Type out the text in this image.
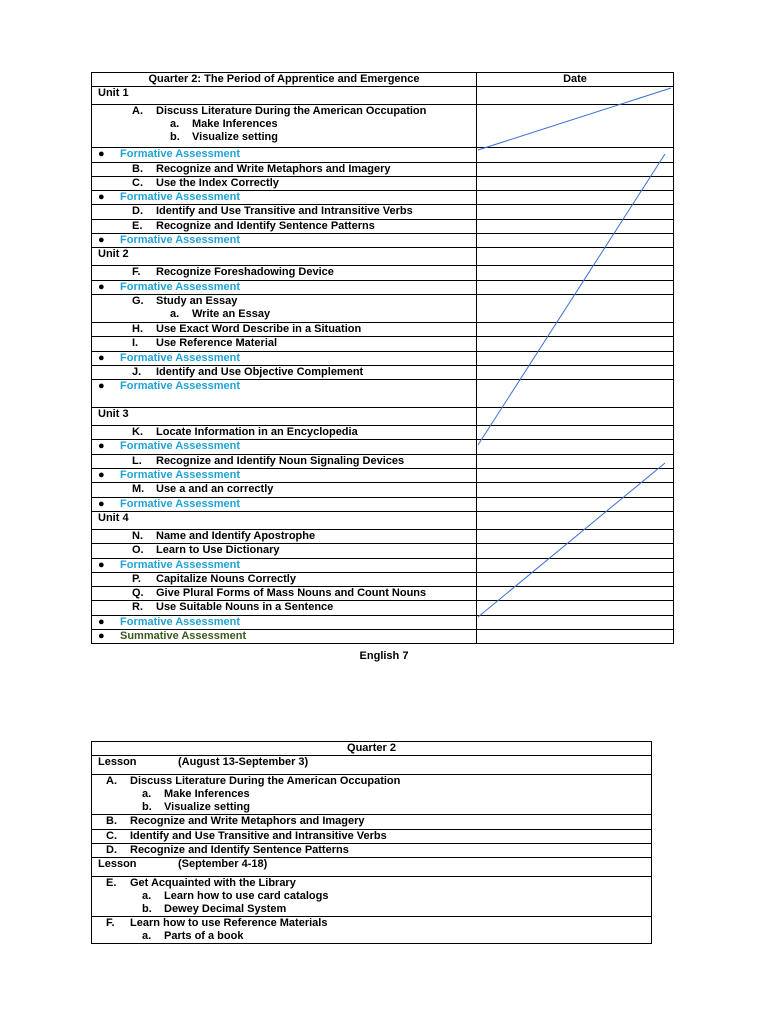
Quarter 2: The Period of Apprentice and Emergence	Date
Unit 1	

A. Discuss Literature During the American Occupation
a. Make Inferences
b. Visualize setting	

● Formative Assessment	

B. Recognize and Write Metaphors and Imagery	

C. Use the Index Correctly	

● Formative Assessment	

D. Identify and Use Transitive and Intransitive Verbs	

E. Recognize and Identify Sentence Patterns	

● Formative Assessment	
Unit 2	

F. Recognize Foreshadowing Device	

● Formative Assessment	

G. Study an Essay
a. Write an Essay	

H. Use Exact Word Describe in a Situation	

I. Use Reference Material	

● Formative Assessment	

J. Identify and Use Objective Complement	

● Formative Assessment	
Unit 3	

K. Locate Information in an Encyclopedia	

● Formative Assessment	

L. Recognize and Identify Noun Signaling Devices	

● Formative Assessment	

M. Use a and an correctly	

● Formative Assessment	
Unit 4	

N. Name and Identify Apostrophe	

O. Learn to Use Dictionary	

● Formative Assessment	

P. Capitalize Nouns Correctly	

Q. Give Plural Forms of Mass Nouns and Count Nouns	

R. Use Suitable Nouns in a Sentence	

● Formative Assessment	
● Summative Assessment	
English 7
Quarter 2
Lesson	(August 13-September 3)

A. Discuss Literature During the American Occupation
a. Make Inferences
b. Visualize setting

B. Recognize and Write Metaphors and Imagery

C. Identify and Use Transitive and Intransitive Verbs

D. Recognize and Identify Sentence Patterns

Lesson	(September 4-18)

E. Get Acquainted with the Library
a. Learn how to use card catalogs
b. Dewey Decimal System

F. Learn how to use Reference Materials
a. Parts of a book
